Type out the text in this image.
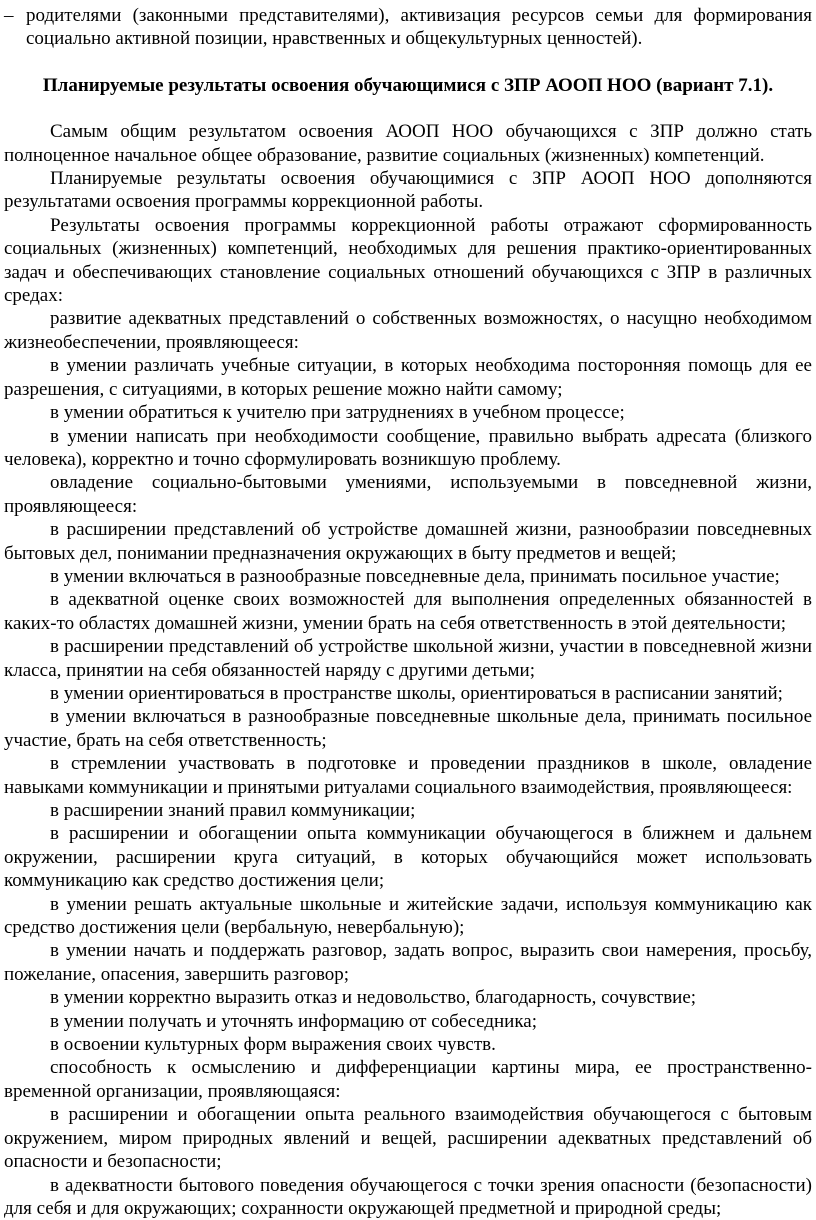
– родителями (законными представителями), активизация ресурсов семьи для формирования социально активной позиции, нравственных и общекультурных ценностей).

Планируемые результаты освоения обучающимися с ЗПР АООП НОО (вариант 7.1).

Самым общим результатом освоения АООП НОО обучающихся с ЗПР должно стать полноценное начальное общее образование, развитие социальных (жизненных) компетенций.

Планируемые результаты освоения обучающимися с ЗПР АООП НОО дополняются результатами освоения программы коррекционной работы.

Результаты освоения программы коррекционной работы отражают сформированность социальных (жизненных) компетенций, необходимых для решения практико-ориентированных задач и обеспечивающих становление социальных отношений обучающихся с ЗПР в различных средах:

развитие адекватных представлений о собственных возможностях, о насущно необходимом жизнеобеспечении, проявляющееся:

в умении различать учебные ситуации, в которых необходима посторонняя помощь для ее разрешения, с ситуациями, в которых решение можно найти самому;

в умении обратиться к учителю при затруднениях в учебном процессе;

в умении написать при необходимости сообщение, правильно выбрать адресата (близкого человека), корректно и точно сформулировать возникшую проблему.

овладение социально-бытовыми умениями, используемыми в повседневной жизни, проявляющееся:

в расширении представлений об устройстве домашней жизни, разнообразии повседневных бытовых дел, понимании предназначения окружающих в быту предметов и вещей;

в умении включаться в разнообразные повседневные дела, принимать посильное участие;

в адекватной оценке своих возможностей для выполнения определенных обязанностей в каких-то областях домашней жизни, умении брать на себя ответственность в этой деятельности;

в расширении представлений об устройстве школьной жизни, участии в повседневной жизни класса, принятии на себя обязанностей наряду с другими детьми;

в умении ориентироваться в пространстве школы, ориентироваться в расписании занятий;

в умении включаться в разнообразные повседневные школьные дела, принимать посильное участие, брать на себя ответственность;

в стремлении участвовать в подготовке и проведении праздников в школе, овладение навыками коммуникации и принятыми ритуалами социального взаимодействия, проявляющееся:

в расширении знаний правил коммуникации;

в расширении и обогащении опыта коммуникации обучающегося в ближнем и дальнем окружении, расширении круга ситуаций, в которых обучающийся может использовать коммуникацию как средство достижения цели;

в умении решать актуальные школьные и житейские задачи, используя коммуникацию как средство достижения цели (вербальную, невербальную);

в умении начать и поддержать разговор, задать вопрос, выразить свои намерения, просьбу, пожелание, опасения, завершить разговор;

в умении корректно выразить отказ и недовольство, благодарность, сочувствие;

в умении получать и уточнять информацию от собеседника;

в освоении культурных форм выражения своих чувств.

способность к осмыслению и дифференциации картины мира, ее пространственно-временной организации, проявляющаяся:

в расширении и обогащении опыта реального взаимодействия обучающегося с бытовым окружением, миром природных явлений и вещей, расширении адекватных представлений об опасности и безопасности;

в адекватности бытового поведения обучающегося с точки зрения опасности (безопасности) для себя и для окружающих; сохранности окружающей предметной и природной среды;
